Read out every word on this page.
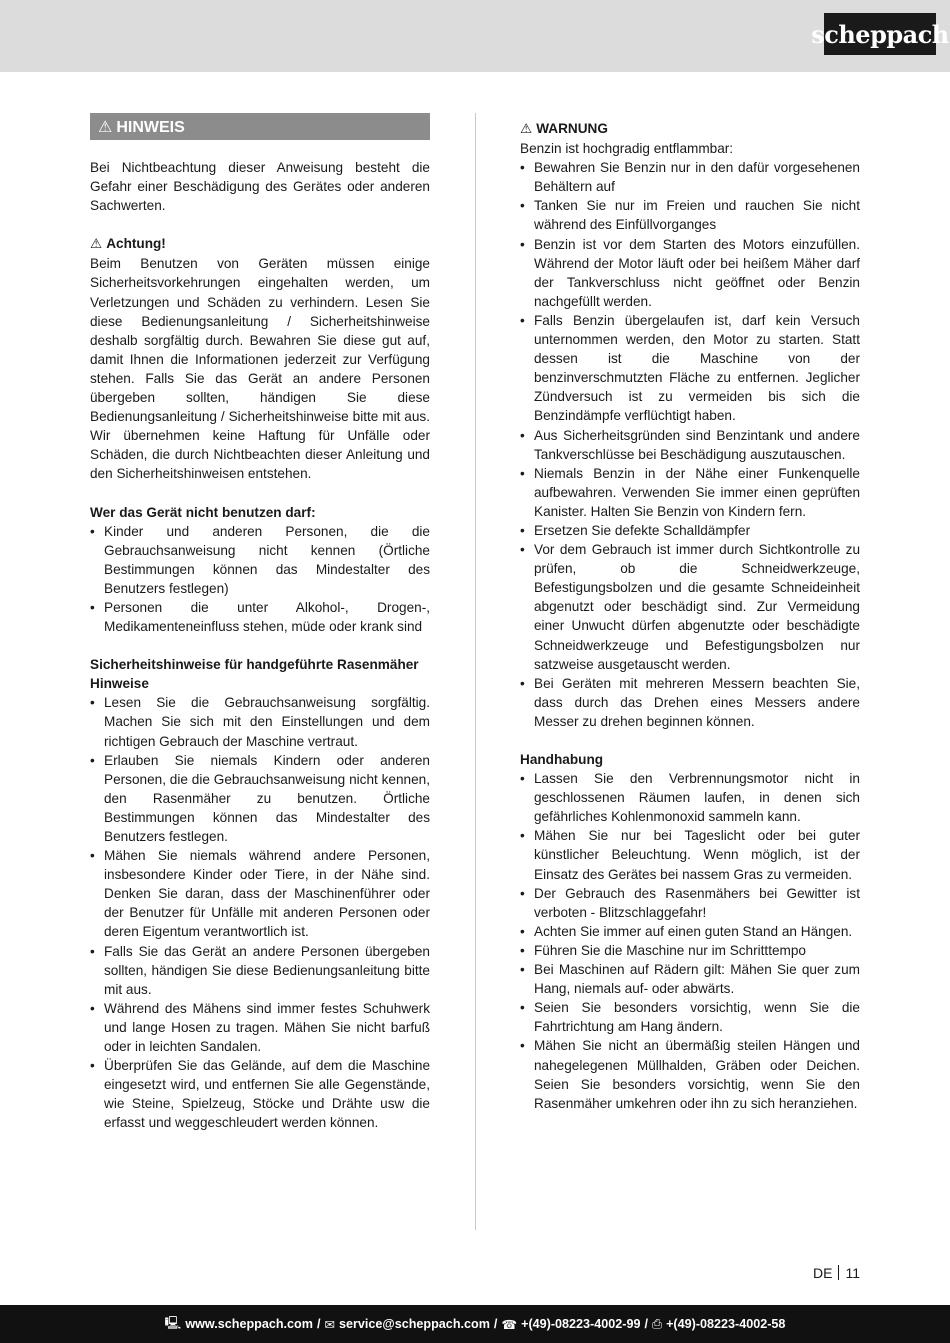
scheppach
⚠ HINWEIS

Bei Nichtbeachtung dieser Anweisung besteht die Gefahr einer Beschädigung des Gerätes oder anderen Sachwerten.

⚠ Achtung!

Beim Benutzen von Geräten müssen einige Sicherheitsvorkehrungen eingehalten werden, um Verletzungen und Schäden zu verhindern. Lesen Sie diese Bedienungsanleitung / Sicherheitshinweise deshalb sorgfältig durch. Bewahren Sie diese gut auf, damit Ihnen die Informationen jederzeit zur Verfügung stehen. Falls Sie das Gerät an andere Personen übergeben sollten, händigen Sie diese Bedienungsanleitung / Sicherheitshinweise bitte mit aus. Wir übernehmen keine Haftung für Unfälle oder Schäden, die durch Nichtbeachten dieser Anleitung und den Sicherheitshinweisen entstehen.

Wer das Gerät nicht benutzen darf:
• Kinder und anderen Personen, die die Gebrauchsanweisung nicht kennen (Örtliche Bestimmungen können das Mindestalter des Benutzers festlegen)
• Personen die unter Alkohol-, Drogen-, Medikamenteneinfluss stehen, müde oder krank sind
Sicherheitshinweise für handgeführte Rasenmäher
Hinweise
• Lesen Sie die Gebrauchsanweisung sorgfältig. Machen Sie sich mit den Einstellungen und dem richtigen Gebrauch der Maschine vertraut.
• Erlauben Sie niemals Kindern oder anderen Personen, die die Gebrauchsanweisung nicht kennen, den Rasenmäher zu benutzen. Örtliche Bestimmungen können das Mindestalter des Benutzers festlegen.
• Mähen Sie niemals während andere Personen, insbesondere Kinder oder Tiere, in der Nähe sind. Denken Sie daran, dass der Maschinenführer oder der Benutzer für Unfälle mit anderen Personen oder deren Eigentum verantwortlich ist.
• Falls Sie das Gerät an andere Personen übergeben sollten, händigen Sie diese Bedienungsanleitung bitte mit aus.
• Während des Mähens sind immer festes Schuhwerk und lange Hosen zu tragen. Mähen Sie nicht barfuß oder in leichten Sandalen.
• Überprüfen Sie das Gelände, auf dem die Maschine eingesetzt wird, und entfernen Sie alle Gegenstände, wie Steine, Spielzeug, Stöcke und Drähte usw die erfasst und weggeschleudert werden können.
⚠ WARNUNG

Benzin ist hochgradig entflammbar:

• Bewahren Sie Benzin nur in den dafür vorgesehenen Behältern auf
• Tanken Sie nur im Freien und rauchen Sie nicht während des Einfüllvorganges
• Benzin ist vor dem Starten des Motors einzufüllen. Während der Motor läuft oder bei heißem Mäher darf der Tankverschluss nicht geöffnet oder Benzin nachgefüllt werden.
• Falls Benzin übergelaufen ist, darf kein Versuch unternommen werden, den Motor zu starten. Statt dessen ist die Maschine von der benzinverschmutzten Fläche zu entfernen. Jeglicher Zündversuch ist zu vermeiden bis sich die Benzindämpfe verflüchtigt haben.
• Aus Sicherheitsgründen sind Benzintank und andere Tankverschlüsse bei Beschädigung auszutauschen.
• Niemals Benzin in der Nähe einer Funkenquelle aufbewahren. Verwenden Sie immer einen geprüften Kanister. Halten Sie Benzin von Kindern fern.
• Ersetzen Sie defekte Schalldämpfer
• Vor dem Gebrauch ist immer durch Sichtkontrolle zu prüfen, ob die Schneidwerkzeuge, Befestigungsbolzen und die gesamte Schneideinheit abgenutzt oder beschädigt sind. Zur Vermeidung einer Unwucht dürfen abgenutzte oder beschädigte Schneidwerkzeuge und Befestigungsbolzen nur satzweise ausgetauscht werden.
• Bei Geräten mit mehreren Messern beachten Sie, dass durch das Drehen eines Messers andere Messer zu drehen beginnen können.
Handhabung
• Lassen Sie den Verbrennungsmotor nicht in geschlossenen Räumen laufen, in denen sich gefährliches Kohlenmonoxid sammeln kann.
• Mähen Sie nur bei Tageslicht oder bei guter künstlicher Beleuchtung. Wenn möglich, ist der Einsatz des Gerätes bei nassem Gras zu vermeiden.
• Der Gebrauch des Rasenmähers bei Gewitter ist verboten - Blitzschlaggefahr!
• Achten Sie immer auf einen guten Stand an Hängen.
• Führen Sie die Maschine nur im Schritttempo
• Bei Maschinen auf Rädern gilt: Mähen Sie quer zum Hang, niemals auf- oder abwärts.
• Seien Sie besonders vorsichtig, wenn Sie die Fahrtrichtung am Hang ändern.
• Mähen Sie nicht an übermäßig steilen Hängen und nahegelegenen Müllhalden, Gräben oder Deichen. Seien Sie besonders vorsichtig, wenn Sie den Rasenmäher umkehren oder ihn zu sich heranziehen.
DE 11
🖳 www.scheppach.com / ✉ service@scheppach.com / ☎ +(49)-08223-4002-99 / ⎙ +(49)-08223-4002-58
